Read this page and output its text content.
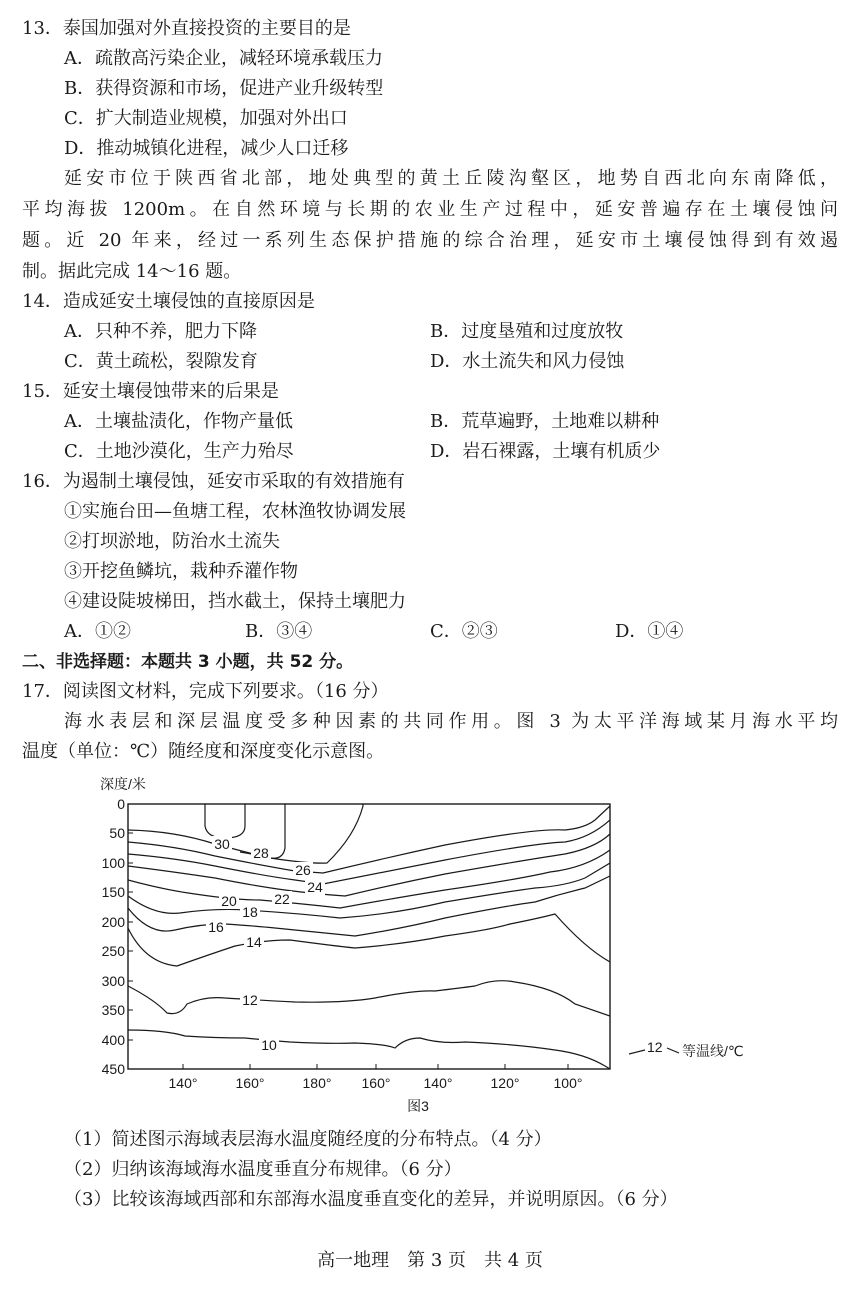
13．泰国加强对外直接投资的主要目的是
A．疏散高污染企业，减轻环境承载压力
B．获得资源和市场，促进产业升级转型
C．扩大制造业规模，加强对外出口
D．推动城镇化进程，减少人口迁移
延安市位于陕西省北部，地处典型的黄土丘陵沟壑区，地势自西北向东南降低，
平均海拔 1200m。在自然环境与长期的农业生产过程中，延安普遍存在土壤侵蚀问
题。近 20 年来，经过一系列生态保护措施的综合治理，延安市土壤侵蚀得到有效遏
制。据此完成 14～16 题。
14．造成延安土壤侵蚀的直接原因是
A．只种不养，肥力下降	B．过度垦殖和过度放牧
C．黄土疏松，裂隙发育	D．水土流失和风力侵蚀
15．延安土壤侵蚀带来的后果是
A．土壤盐渍化，作物产量低	B．荒草遍野，土地难以耕种
C．土地沙漠化，生产力殆尽	D．岩石裸露，土壤有机质少
16．为遏制土壤侵蚀，延安市采取的有效措施有
①实施台田—鱼塘工程，农林渔牧协调发展
②打坝淤地，防治水土流失
③开挖鱼鳞坑，栽种乔灌作物
④建设陡坡梯田，挡水截土，保持土壤肥力
A．①②	B．③④	C．②③	D．①④
二、非选择题：本题共 3 小题，共 52 分。
17．阅读图文材料，完成下列要求。（16 分）
海水表层和深层温度受多种因素的共同作用。图 3 为太平洋海域某月海水平均
温度（单位：℃）随经度和深度变化示意图。
深度/米
0
50
100
150
200
250
300
350
400
450
140°	160°	180° 160° 140°	120° 100°
30
28
26
24
22
20
18
16
14
12
10	12 等温线/℃
图3
（1）简述图示海域表层海水温度随经度的分布特点。（4 分）
（2）归纳该海域海水温度垂直分布规律。（6 分）
（3）比较该海域西部和东部海水温度垂直变化的差异，并说明原因。（6 分）
高一地理　第 3 页　共 4 页
